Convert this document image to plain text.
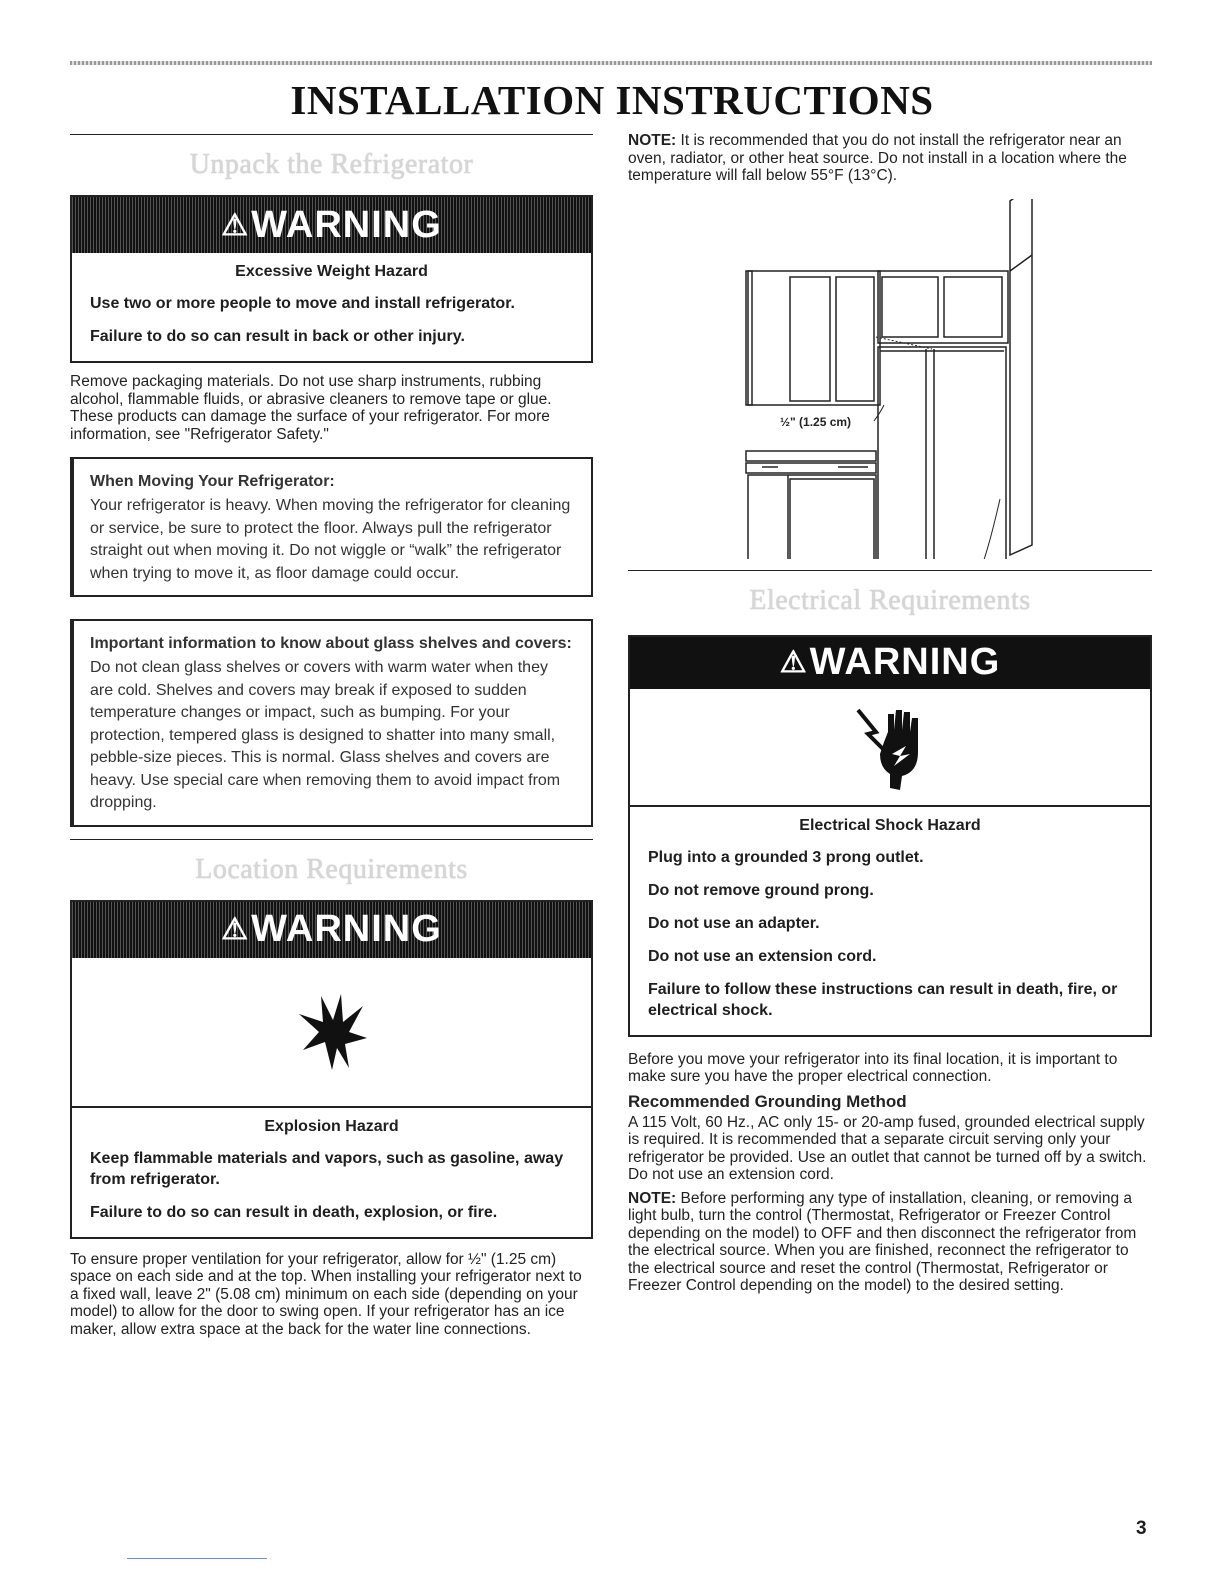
INSTALLATION INSTRUCTIONS
Unpack the Refrigerator
⚠ WARNING
Excessive Weight Hazard

Use two or more people to move and install refrigerator.

Failure to do so can result in back or other injury.

Remove packaging materials. Do not use sharp instruments, rubbing alcohol, flammable fluids, or abrasive cleaners to remove tape or glue. These products can damage the surface of your refrigerator. For more information, see "Refrigerator Safety."
When Moving Your Refrigerator:
Your refrigerator is heavy. When moving the refrigerator for cleaning or service, be sure to protect the floor. Always pull the refrigerator straight out when moving it. Do not wiggle or “walk” the refrigerator when trying to move it, as floor damage could occur.
Important information to know about glass shelves and covers:
Do not clean glass shelves or covers with warm water when they are cold. Shelves and covers may break if exposed to sudden temperature changes or impact, such as bumping. For your protection, tempered glass is designed to shatter into many small, pebble-size pieces. This is normal. Glass shelves and covers are heavy. Use special care when removing them to avoid impact from dropping.
Location Requirements
⚠ WARNING
Explosion Hazard

Keep flammable materials and vapors, such as gasoline, away from refrigerator.

Failure to do so can result in death, explosion, or fire.

To ensure proper ventilation for your refrigerator, allow for ½" (1.25 cm) space on each side and at the top. When installing your refrigerator next to a fixed wall, leave 2" (5.08 cm) minimum on each side (depending on your model) to allow for the door to swing open. If your refrigerator has an ice maker, allow extra space at the back for the water line connections.
NOTE: It is recommended that you do not install the refrigerator near an oven, radiator, or other heat source. Do not install in a location where the temperature will fall below 55°F (13°C).
½" (1.25 cm)
Electrical Requirements
⚠ WARNING
Electrical Shock Hazard

Plug into a grounded 3 prong outlet.

Do not remove ground prong.

Do not use an adapter.

Do not use an extension cord.

Failure to follow these instructions can result in death, fire, or electrical shock.

Before you move your refrigerator into its final location, it is important to make sure you have the proper electrical connection.
Recommended Grounding Method
A 115 Volt, 60 Hz., AC only 15- or 20-amp fused, grounded electrical supply is required. It is recommended that a separate circuit serving only your refrigerator be provided. Use an outlet that cannot be turned off by a switch. Do not use an extension cord.
NOTE: Before performing any type of installation, cleaning, or removing a light bulb, turn the control (Thermostat, Refrigerator or Freezer Control depending on the model) to OFF and then disconnect the refrigerator from the electrical source. When you are finished, reconnect the refrigerator to the electrical source and reset the control (Thermostat, Refrigerator or Freezer Control depending on the model) to the desired setting.
3
